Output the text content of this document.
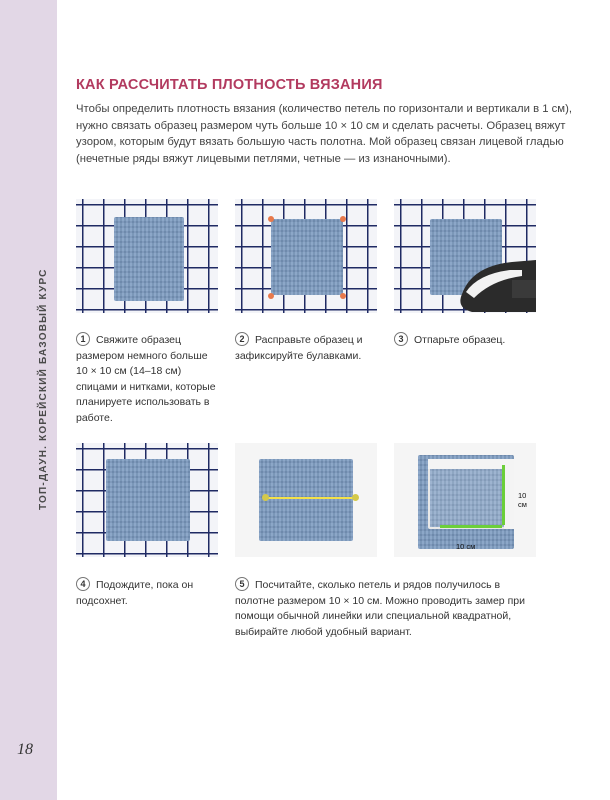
ТОП-ДАУН. КОРЕЙСКИЙ БАЗОВЫЙ КУРС
18
КАК РАССЧИТАТЬ ПЛОТНОСТЬ ВЯЗАНИЯ
Чтобы определить плотность вязания (количество петель по горизонтали и вертикали в 1 см), нужно связать образец размером чуть больше 10 × 10 см и сделать расчеты. Образец вяжут узором, которым будут вязать большую часть полотна. Мой образец связан лицевой гладью (нечетные ряды вяжут лицевыми петлями, четные — из изнаночными).
1 Свяжите образец размером немного больше 10 × 10 см (14–18 см) спицами и нитками, которые планируете использовать в работе.
2 Расправьте образец и зафиксируйте булавками.
3 Отпарьте образец.
10 см
10 см
4 Подождите, пока он подсохнет.
5 Посчитайте, сколько петель и рядов получилось в полотне размером 10 × 10 см. Можно проводить замер при помощи обычной линейки или специальной квадратной, выбирайте любой удобный вариант.
